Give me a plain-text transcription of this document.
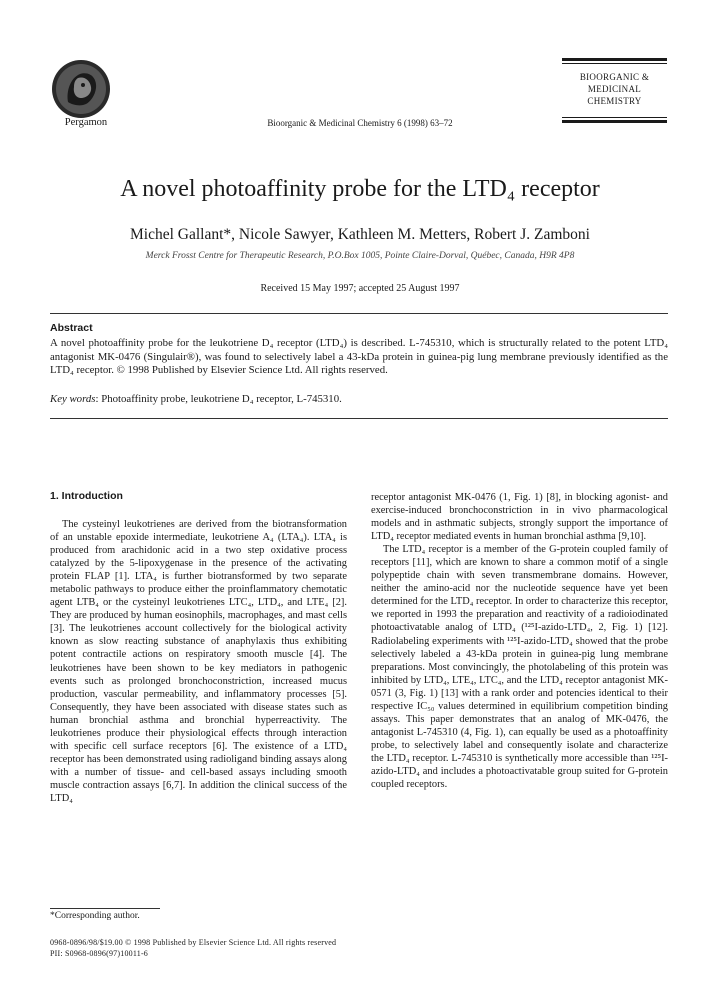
Pergamon	Bioorganic & Medicinal Chemistry 6 (1998) 63–72
BIOORGANIC &
MEDICINAL
CHEMISTRY
A novel photoaffinity probe for the LTD₄ receptor
Michel Gallant*, Nicole Sawyer, Kathleen M. Metters, Robert J. Zamboni
Merck Frosst Centre for Therapeutic Research, P.O.Box 1005, Pointe Claire-Dorval, Québec, Canada, H9R 4P8
Received 15 May 1997; accepted 25 August 1997
Abstract
A novel photoaffinity probe for the leukotriene D₄ receptor (LTD₄) is described. L-745310, which is structurally related to the potent LTD₄ antagonist MK-0476 (Singulair®), was found to selectively label a 43-kDa protein in guinea-pig lung membrane previously identified as the LTD₄ receptor. © 1998 Published by Elsevier Science Ltd. All rights reserved.
Key words: Photoaffinity probe, leukotriene D₄ receptor, L-745310.
1. Introduction
The cysteinyl leukotrienes are derived from the biotransformation of an unstable epoxide intermediate, leukotriene A₄ (LTA₄). LTA₄ is produced from arachidonic acid in a two step oxidative process catalyzed by the 5-lipoxygenase in the presence of the activating protein FLAP [1]. LTA₄ is further biotransformed by two separate metabolic pathways to produce either the proinflammatory chemotatic agent LTB₄ or the cysteinyl leukotrienes LTC₄, LTD₄, and LTE₄ [2]. They are produced by human eosinophils, macrophages, and mast cells [3]. The leukotrienes account collectively for the biological activity known as slow reacting substance of anaphylaxis thus exhibiting potent contractile actions on respiratory smooth muscle [4]. The leukotrienes have been shown to be key mediators in pathogenic events such as prolonged bronchoconstriction, increased mucus production, vascular permeability, and inflammatory processes [5]. Consequently, they have been associated with disease states such as human bronchial asthma and bronchial hyperreactivity. The leukotrienes produce their physiological effects through interaction with specific cell surface receptors [6]. The existence of a LTD₄ receptor has been demonstrated using radioligand binding assays along with a number of tissue- and cell-based assays including smooth muscle contraction assays [6,7]. In addition the clinical success of the LTD₄

receptor antagonist MK-0476 (1, Fig. 1) [8], in blocking agonist- and exercise-induced bronchoconstriction in in vivo pharmacological models and in asthmatic subjects, strongly support the importance of LTD₄ receptor mediated events in human bronchial asthma [9,10].

The LTD₄ receptor is a member of the G-protein coupled family of receptors [11], which are known to share a common motif of a single polypeptide chain with seven transmembrane domains. However, neither the amino-acid nor the nucleotide sequence have yet been determined for the LTD₄ receptor. In order to characterize this receptor, we reported in 1993 the preparation and reactivity of a radioiodinated photoactivatable analog of LTD₄ (¹²⁵I-azido-LTD₄, 2, Fig. 1) [12]. Radiolabeling experiments with ¹²⁵I-azido-LTD₄ showed that the probe selectively labeled a 43-kDa protein in guinea-pig lung membrane preparations. Most convincingly, the photolabeling of this protein was inhibited by LTD₄, LTE₄, LTC₄, and the LTD₄ receptor antagonist MK-0571 (3, Fig. 1) [13] with a rank order and potencies identical to their respective IC₅₀ values determined in equilibrium competition binding assays. This paper demonstrates that an analog of MK-0476, the antagonist L-745310 (4, Fig. 1), can equally be used as a photoaffinity probe, to selectively label and consequently isolate and characterize the LTD₄ receptor. L-745310 is synthetically more accessible than ¹²⁵I-azido-LTD₄ and includes a photoactivatable group suited for G-protein coupled receptors.

*Corresponding author.
0968-0896/98/$19.00 © 1998 Published by Elsevier Science Ltd. All rights reserved
PII: S0968-0896(97)10011-6
